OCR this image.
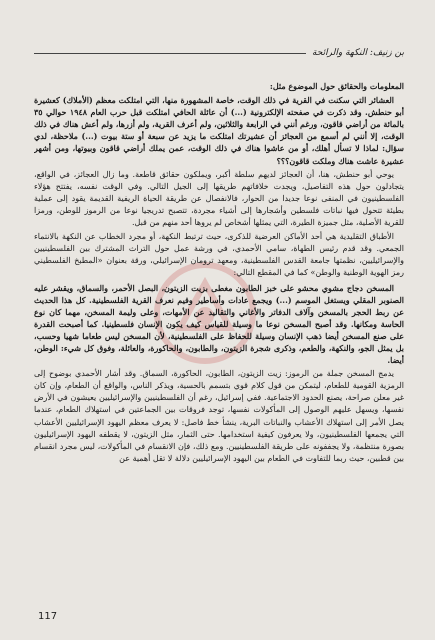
بن زنيف: النكهة والرائحة

المعلومات والحقائق حول الموضوع مثل:

العشائر التي سكنت في القرية في ذلك الوقت، خاصة المشهورة منها، التي امتلكت معظم (الأملاك) كعشيرة أبو حنطش. وقد ذكرت في صفحته الإلكترونية (...) أن عائلة الحافي امتلكت قبل حرب العام ١٩٤٨ حوالي ٣٥ بالمائة من أراضي قاقون، ورغم أنني في الرابعة والثلاثين، ولم أعرف القرية، ولم أزرها، ولم أعش هناك في ذلك الوقت، إلا أنني لم أسمع من العجائز أن عشيرتك امتلكت ما يزيد عن سبعة أو ستة بيوت (...) ملاحظة، لدي سؤال: لماذا لا تسأل أهلك، أو من عاشوا هناك في ذلك الوقت، عمن يملك أراضي قاقون وبيوتها، ومن أشهر عشيرة عاشت هناك وملكت قاقون؟؟؟

يوحي أبو حنطش، هنا، أن العجائز لديهم سلطة أكبر، ويملكون حقائق قاطعة. وما زال العجائز، في الواقع، يتجادلون حول هذه التفاصيل، ويجدت خلافاتهم طريقها إلى الجيل التالي. وفي الوقت نفسه، يفتتح هؤلاء الفلسطينيون في المنفى نوعا جديدا من الحوار، فالانفصال عن طريقة الحياة الريفية القديمة يقود إلى عملية بطيئة تتحول فيها نباتات فلسطين وأشجارها إلى أشياء مجردة، تتصبح تدريجيا نوعا من الرموز للوطن، ورمزا للقرية الأصلية، مثل جميزة الطيرة، التي يمثلها أشخاص لم يروها أحد منهم من قبل.

الأطباق التقليدية هي أحد الأماكن العرضية للذكرى، حيث ترتبط النكهة، أو مجرد الخطاب عن النكهة بالانتماء الجمعي. وقد قدم رئيس الطهاة، سامي الأحمدي، في ورشة عمل حول التراث المشترك بين الفلسطينيين والإسرائيليين، نظمتها جامعة القدس الفلسطينية، ومعهد ترومان الإسرائيلي، ورقة بعنوان «المطبخ الفلسطيني رمز الهوية الوطنية والوطن» كما في المقطع التالي:

المسخن دجاج مشوي محشو على خبز الطابون مغطى بزيت الزيتون، البصل الأحمر، والسماق، ويقشر عليه الصنوبر المقلي ويستغل الموسم (...) ويجمع عادات وأساطير وقيم نعرف القرية الفلسطينية. كل هذا الحديث عن ربط الحجر بالمسخن وآلاف الدفاتر والأغاني والتقاليد عن الأمهات، وعلى وليمة المسخن، مهما كان نوع الحاسة ومكانها. وقد أصبح المسخن نوعا ما وسيلة للقياس كيف يكون الإنسان فلسطينيا. كما أصبحت القدرة على صنع المسخن أيضا ذهب الإنسان وسيلة للحفاظ على الفلسطينية، لأن المسخن ليس طعاما شهيا وحسب، بل يمثل الجو، والنكهة، والطعم، وذكرى شجرة الزيتون، والطابون، والحاكورة، والعائلة، وفوق كل شيء: الوطن، أيضا.

يدمج المسخن جملة من الرموز: زيت الزيتون، الطابون، الحاكورة، السماق. وقد أشار الأحمدي بوضوح إلى الرمزية القومية للطعام، ليتمكن من قول كلام قوي بتسمم بالحسية، ويذكر الناس، والواقع أن الطعام، وإن كان غير معلن صراحة، يصنع الحدود الاجتماعية. ففي إسرائيل، رغم أن الفلسطينيين والإسرائيليين يعيشون في الأرض نفسها، ويسهل عليهم الوصول إلى المأكولات نفسها، توجد فروقات بين الجماعتين في استهلاك الطعام، عندما يصل الأمر إلى استهلاك الأعشاب والنباتات البرية، ينشأ خط فاصل: لا يعرف معظم اليهود الإسرائيليين الأعشاب التي يجمعها الفلسطينيون، ولا يعرفون كيفية استخدامها. حتى الثمار، مثل الزيتون، لا يقطفه اليهود الإسرائيليون بصورة منتظمة، ولا يجففونه على طريقة الفلسطينيين. ومع ذلك، فإن الانقسام في المأكولات، ليس مجرد انقسام بين قطبين، حيث ربما للتفاوت في الطعام بين اليهود الإسرائيليين دلالة لا تقل أهمية عن

117
